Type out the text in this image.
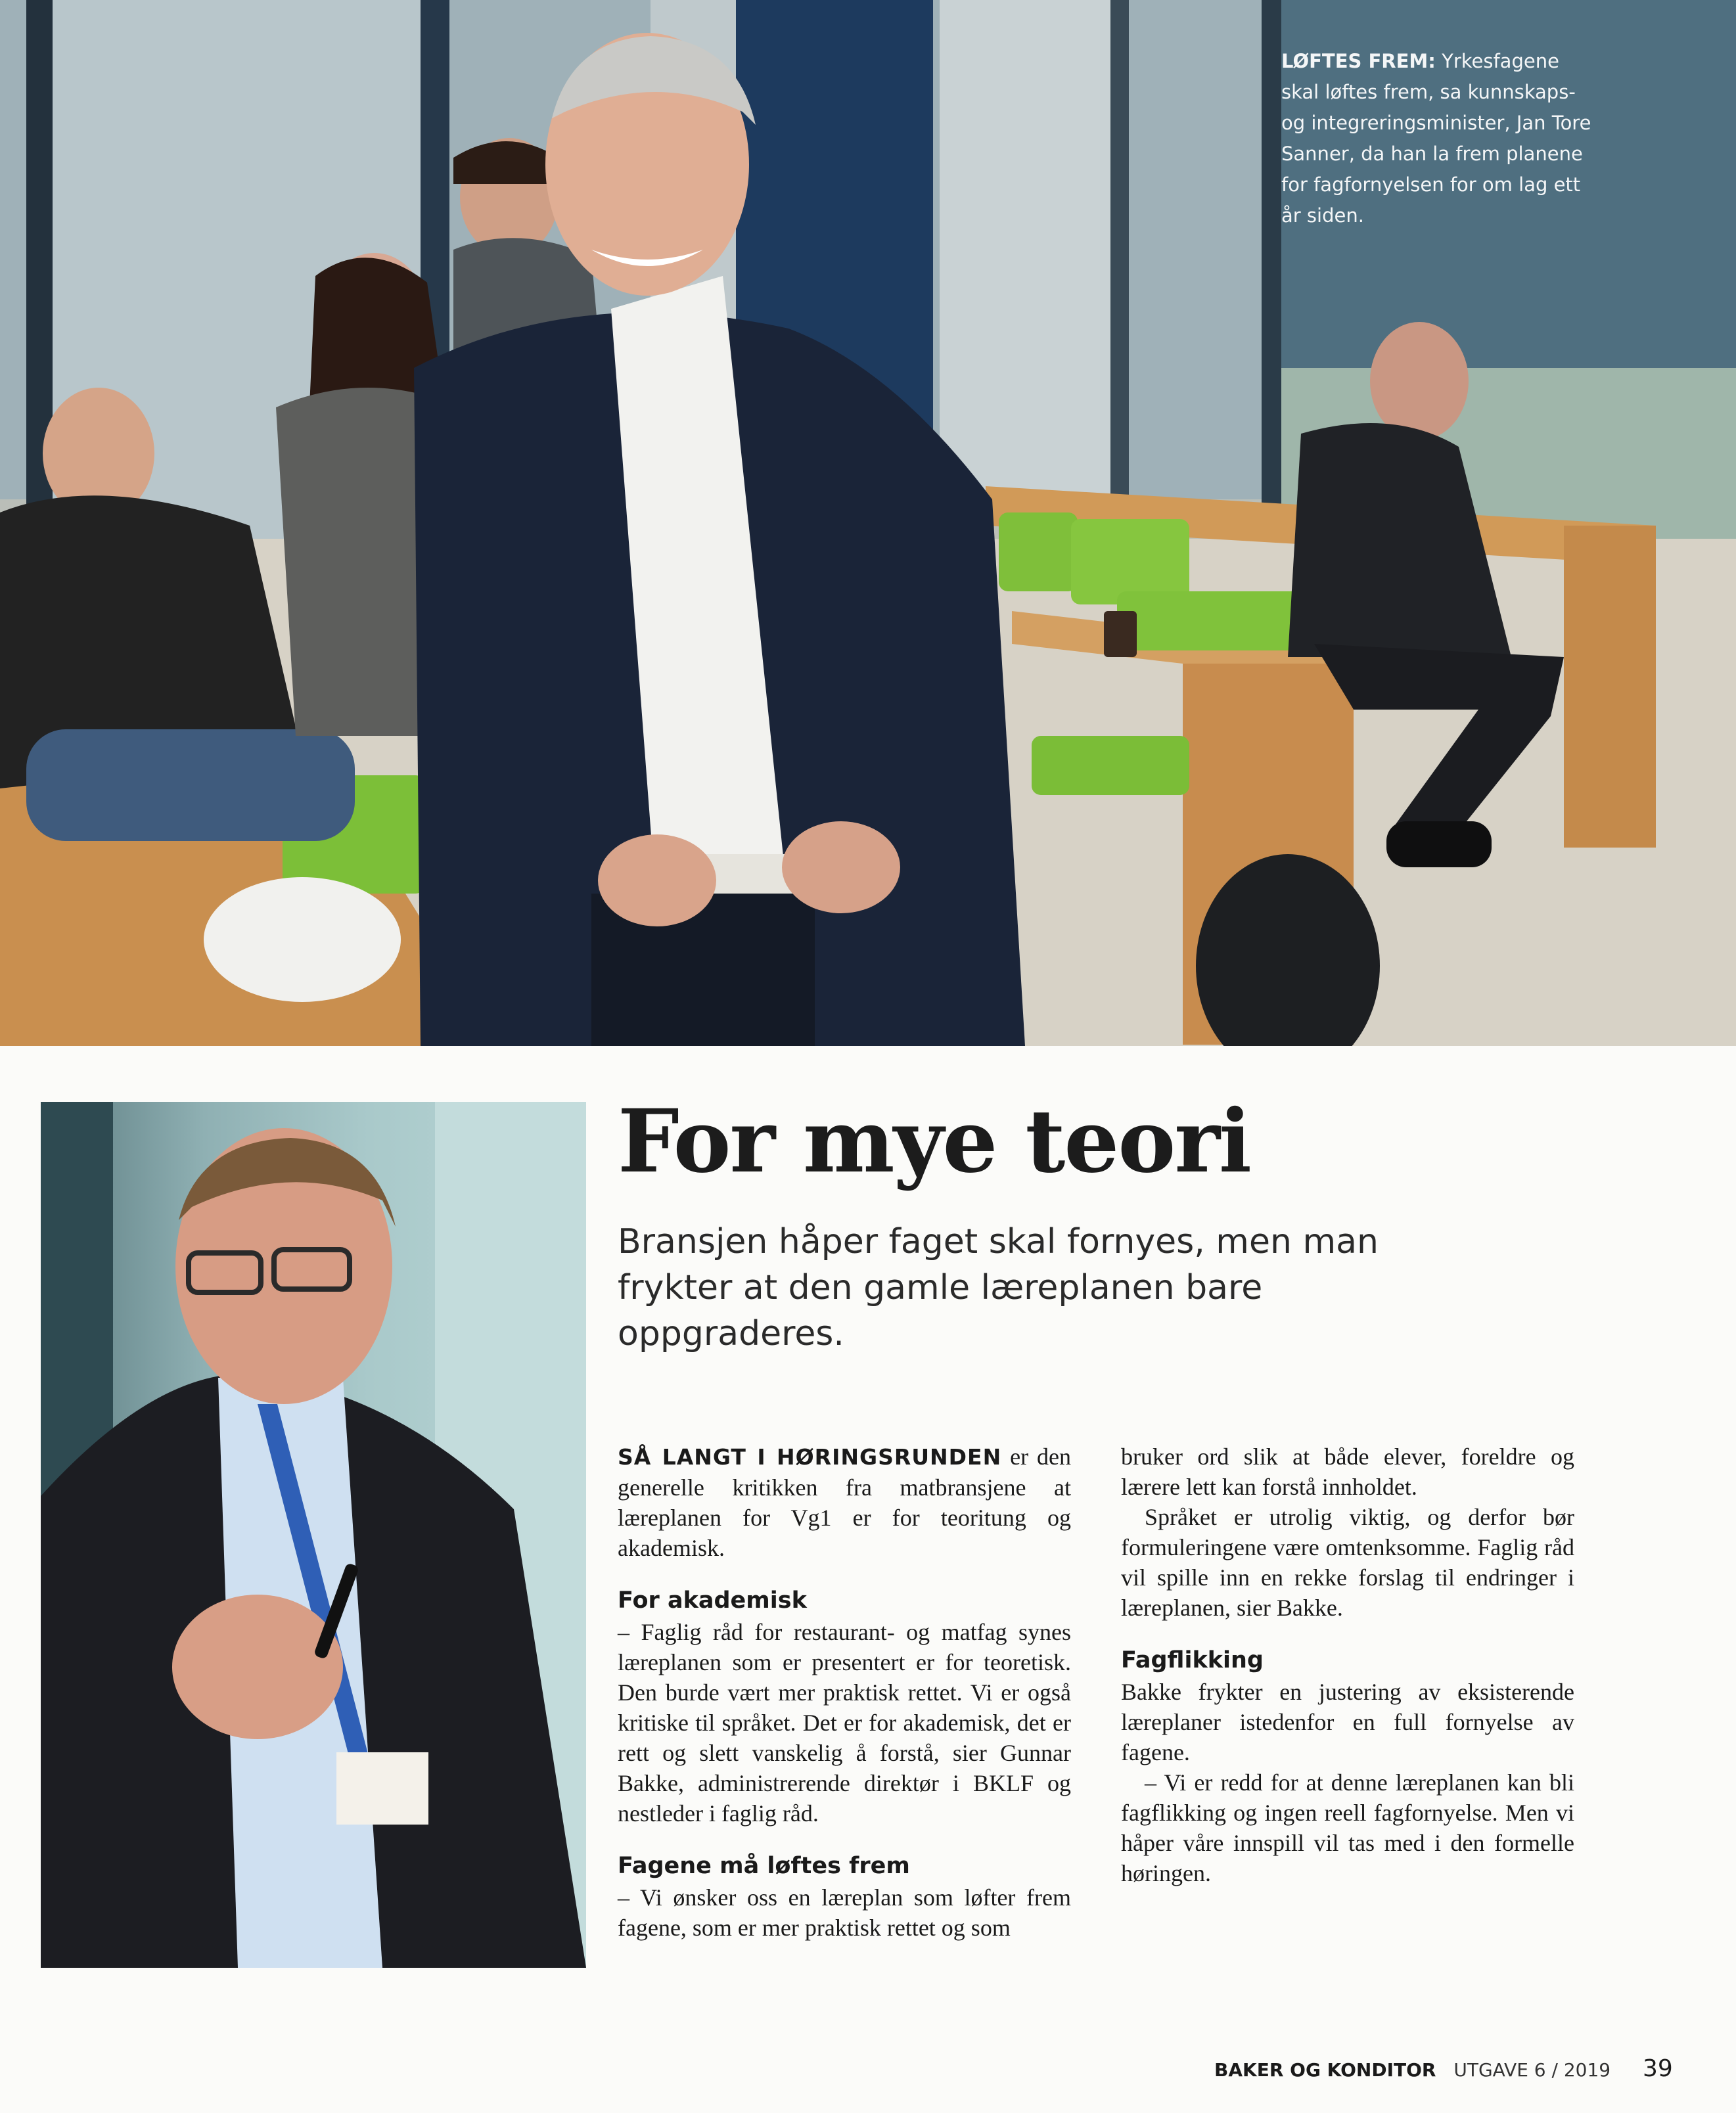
LØFTES FREM: Yrkesfagene skal løftes frem, sa kunnskaps- og integreringsminister, Jan Tore Sanner, da han la frem planene for fagfornyelsen for om lag ett år siden.
For mye teori

Bransjen håper faget skal fornyes, men man frykter at den gamle læreplanen bare oppgraderes.

SÅ LANGT I HØRINGSRUNDEN er den generelle kritikken fra matbransjene at læreplanen for Vg1 er for teoritung og akademisk.

For akademisk

– Faglig råd for restaurant- og matfag synes læreplanen som er presentert er for teoretisk. Den burde vært mer praktisk rettet. Vi er også kritiske til språket. Det er for akademisk, det er rett og slett vanskelig å forstå, sier Gunnar Bakke, administrerende direktør i BKLF og nestleder i faglig råd.

Fagene må løftes frem

– Vi ønsker oss en læreplan som løfter frem fagene, som er mer praktisk rettet og som

bruker ord slik at både elever, foreldre og lærere lett kan forstå innholdet.

Språket er utrolig viktig, og derfor bør formuleringene være omtenksomme. Faglig råd vil spille inn en rekke forslag til endringer i læreplanen, sier Bakke.

Fagflikking

Bakke frykter en justering av eksisterende læreplaner istedenfor en full fornyelse av fagene.

– Vi er redd for at denne læreplanen kan bli fagflikking og ingen reell fagfornyelse. Men vi håper våre innspill vil tas med i den formelle høringen.

BAKER OG KONDITOR UTGAVE 6 / 2019 39
